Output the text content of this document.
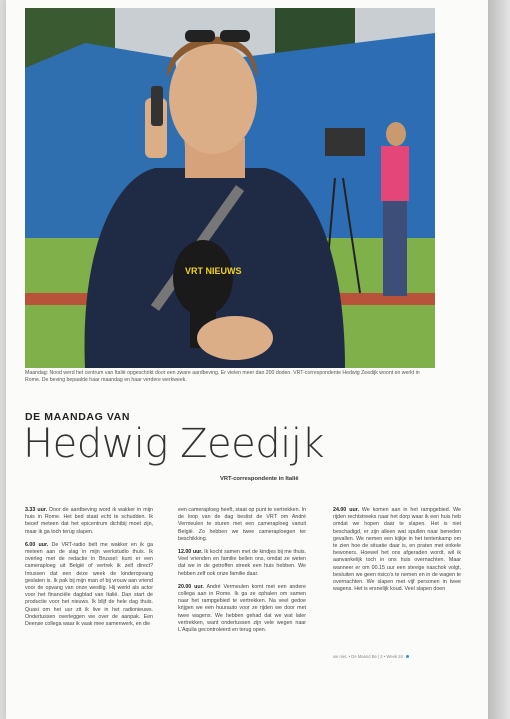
VRT NIEUWS
Maandag: Nood werd het centrum van Italië opgeschrikt door een zware aardbeving. Er vielen meer dan 200 doden. VRT-correspondente Hedwig Zeedijk woont en werkt in Rome. De beving bepaalde haar maandag en haar verdere werkweek.
DE MAANDAG VAN
Hedwig Zeedijk
VRT-correspondente in Italië

3.33 uur. Door de aardbeving word ik wakker in mijn huis in Rome. Het bed staat echt te schudden. Ik beoef meteen dat het epicentrum dichtbij moet zijn, maar ik ga toch terug slapen.

6.00 uur. De VRT-radio belt me wakker en ik ga meteen aan de slag in mijn werkstudio thuis. Ik overleg met de redactie in Brussel: kunt er een cameraploeg uit België of vertrek ik zelf direct? Intussen dat een deze week de kinderopvang geslaten is. Ik pak bij mijn man of bij vrouw aan vriend voor de opvang van onze westlig. Hij werkt als actor voor het financiële dagblad van Italië. Dan start de productie voor het nieuws. Ik blijf de hele dag thuis. Quasi om het uur zit ik live in het radionieuws. Ondertussen overleggen we over de aanpak. Een Deense collega waar ik vaak mee samenwerk, en die

een cameraploeg heeft, staat op punt te vertrekken. In de loop van de dag beslist de VRT om André Vermeulen te sturen met een cameraploeg vanuit België. Zo hebben we twee cameraploegen ter beschikking.

12.00 uur. Ik kocht samen met de kindjes bij me thuis. Veel vrienden en familie bellen ons, omdat ze weten dat we in de getroffen streek een huis hebben. We hebben zelf ook onze familie daar.

20.00 uur. André Vermeulen komt met een andere collega aan in Rome. Ik ga ze ophalen om samen naar het rampgebied te vertrekken. Na veel gedoe krijgen we een huurauto voor ze rijden we door met twee wagens. We hebben gehad dat we wat later vertrekken, want ondertussen zijn vele wegen naar L'Aquila gecontroleerd en terug open.

24.00 uur. We komen aan in het rampgebied. We rijden rechtstreeks naar het dorp waar ik een huis heb omdat we hopen daar te slapen. Het is niet beschadigd, er zijn alleen wat spullen naar beneden gevallen. We nemen een kijkje in het tentenkamp om te zien hoe de situatie daar is, en praten met enkele bewoners. Hoewel het ons afgeraden wordt, wil ik aanvankelijk toch in ons huis overnachten. Maar wanneer er om 00.15 uur een stevige naschok volgt, besluiten we geen risico's te nemen en in de wagen te overnachten. We slapen met vijf personen in twee wagens. Het is ersnelijk koud. Veel slapen doen

we niet. • De Maand Be | 2 • Week 16
